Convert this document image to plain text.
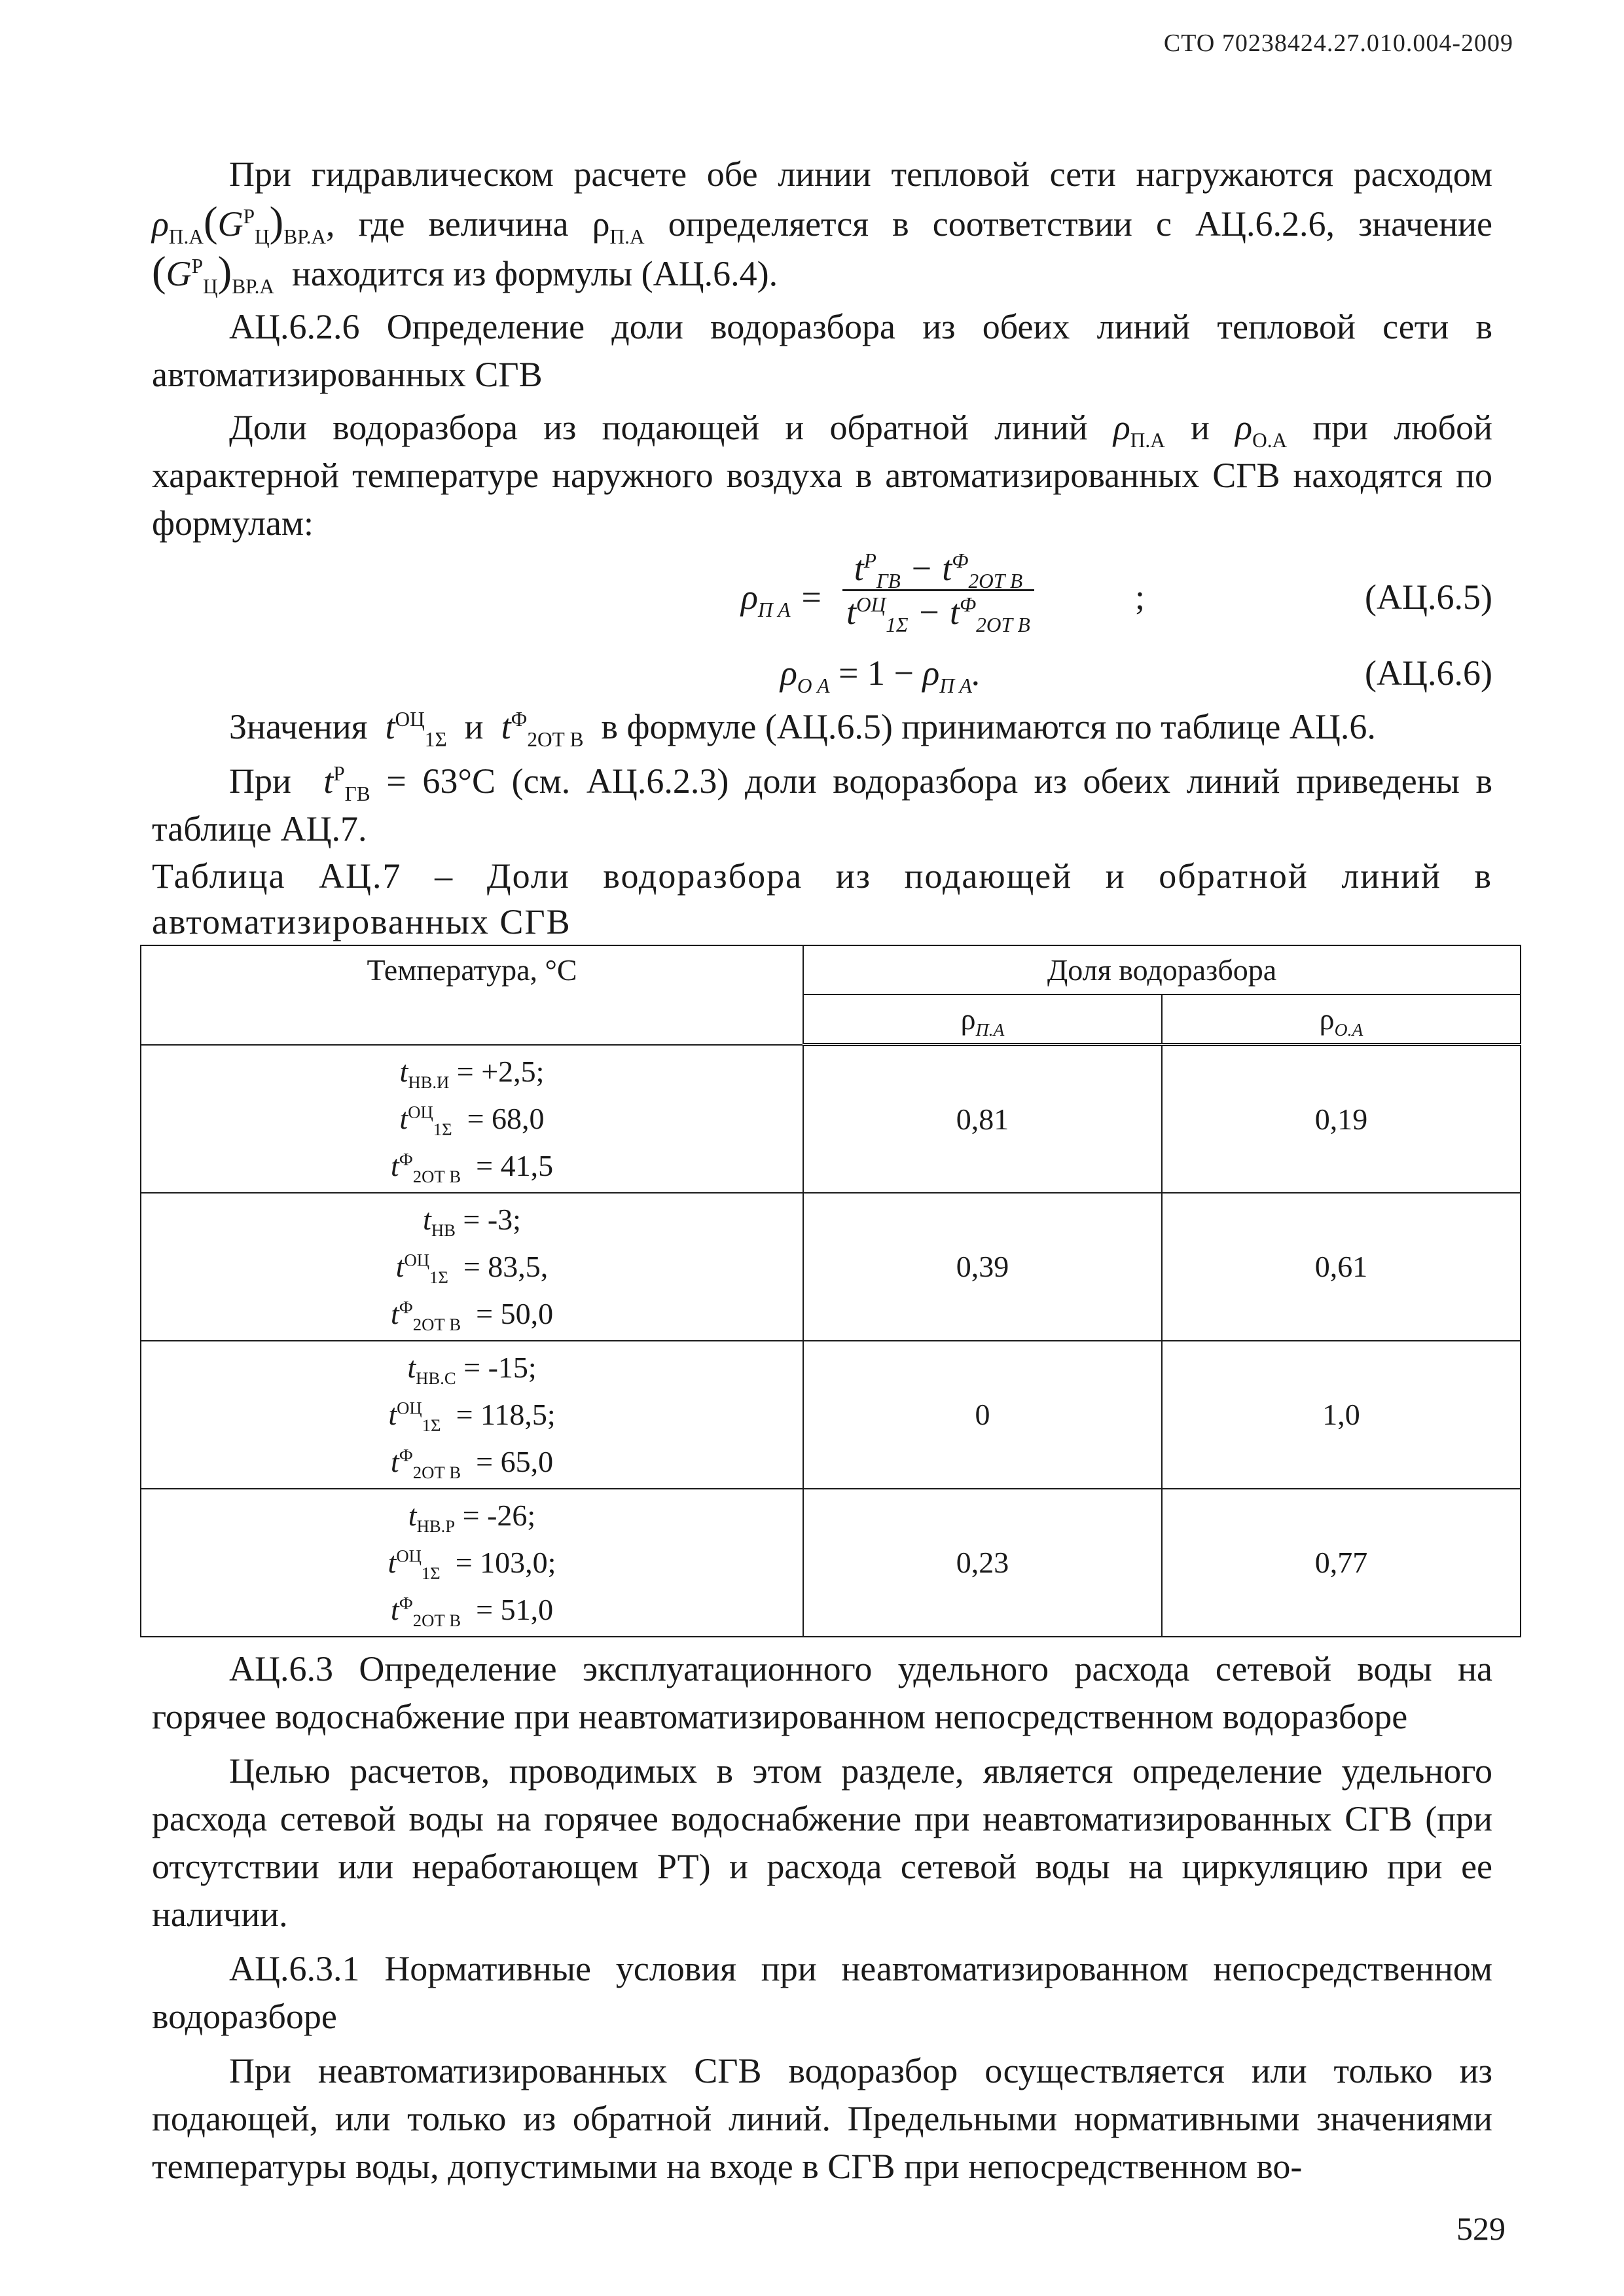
СТО 70238424.27.010.004-2009

При гидравлическом расчете обе линии тепловой сети нагружаются расходом $\rho_{П.А}(G^Р_Ц)_{ВР.А}$, где величина $\rho_{П.А}$ определяется в соответствии с АЦ.6.2.6, значение $(G^Р_Ц)_{ВР.А}$ находится из формулы (АЦ.6.4).

АЦ.6.2.6 Определение доли водоразбора из обеих линий тепловой сети в автоматизированных СГВ

Доли водоразбора из подающей и обратной линий $\rho_{П.А}$ и $\rho_{О.А}$ при любой характерной температуре наружного воздуха в автоматизированных СГВ находятся по формулам:

$\rho_{П А}$ =
$t^Р_{ГВ} - t^Ф_{2ОТ В}$
$t^{ОЦ}_{1\Sigma} - t^Ф_{2ОТ В}$
;	(АЦ.6.5)
$\rho_{О А} = 1 - \rho_{П А}$.	(АЦ.6.6)

Значения $t^{ОЦ}_{1\Sigma}$ и $t^Ф_{2ОТ В}$ в формуле (АЦ.6.5) принимаются по таблице АЦ.6.

При $t^Р_{ГВ} = 63^\circ С$ (см. АЦ.6.2.3) доли водоразбора из обеих линий приведены в таблице АЦ.7.

Таблица АЦ.7 – Доли водоразбора из подающей и обратной линий в автоматизированных СГВ

Температура, °С	Доля водоразбора	
	$\rho_{П.А}$	$\rho_{О.А}$

$t_{НВ.И} = +2,5$;
$t^{ОЦ}_{1\Sigma} = 68,0$
$t^Ф_{2ОТ В} = 41,5$	0,81	0,19

$t_{НВ} = -3$;
$t^{ОЦ}_{1\Sigma} = 83,5$,
$t^Ф_{2ОТ В} = 50,0$	0,39	0,61

$t_{НВ.С} = -15$;
$t^{ОЦ}_{1\Sigma} = 118,5$;
$t^Ф_{2ОТ В} = 65,0$	0	1,0

$t_{НВ.Р} = -26$;
$t^{ОЦ}_{1\Sigma} = 103,0$;
$t^Ф_{2ОТ В} = 51,0$	0,23	0,77

АЦ.6.3 Определение эксплуатационного удельного расхода сетевой воды на горячее водоснабжение при неавтоматизированном непосредственном водоразборе

Целью расчетов, проводимых в этом разделе, является определение удельного расхода сетевой воды на горячее водоснабжение при неавтоматизированных СГВ (при отсутствии или неработающем РТ) и расхода сетевой воды на циркуляцию при ее наличии.

АЦ.6.3.1 Нормативные условия при неавтоматизированном непосредственном водоразборе

При неавтоматизированных СГВ водоразбор осуществляется или только из подающей, или только из обратной линий. Предельными нормативными значениями температуры воды, допустимыми на входе в СГВ при непосредственном во-

529
